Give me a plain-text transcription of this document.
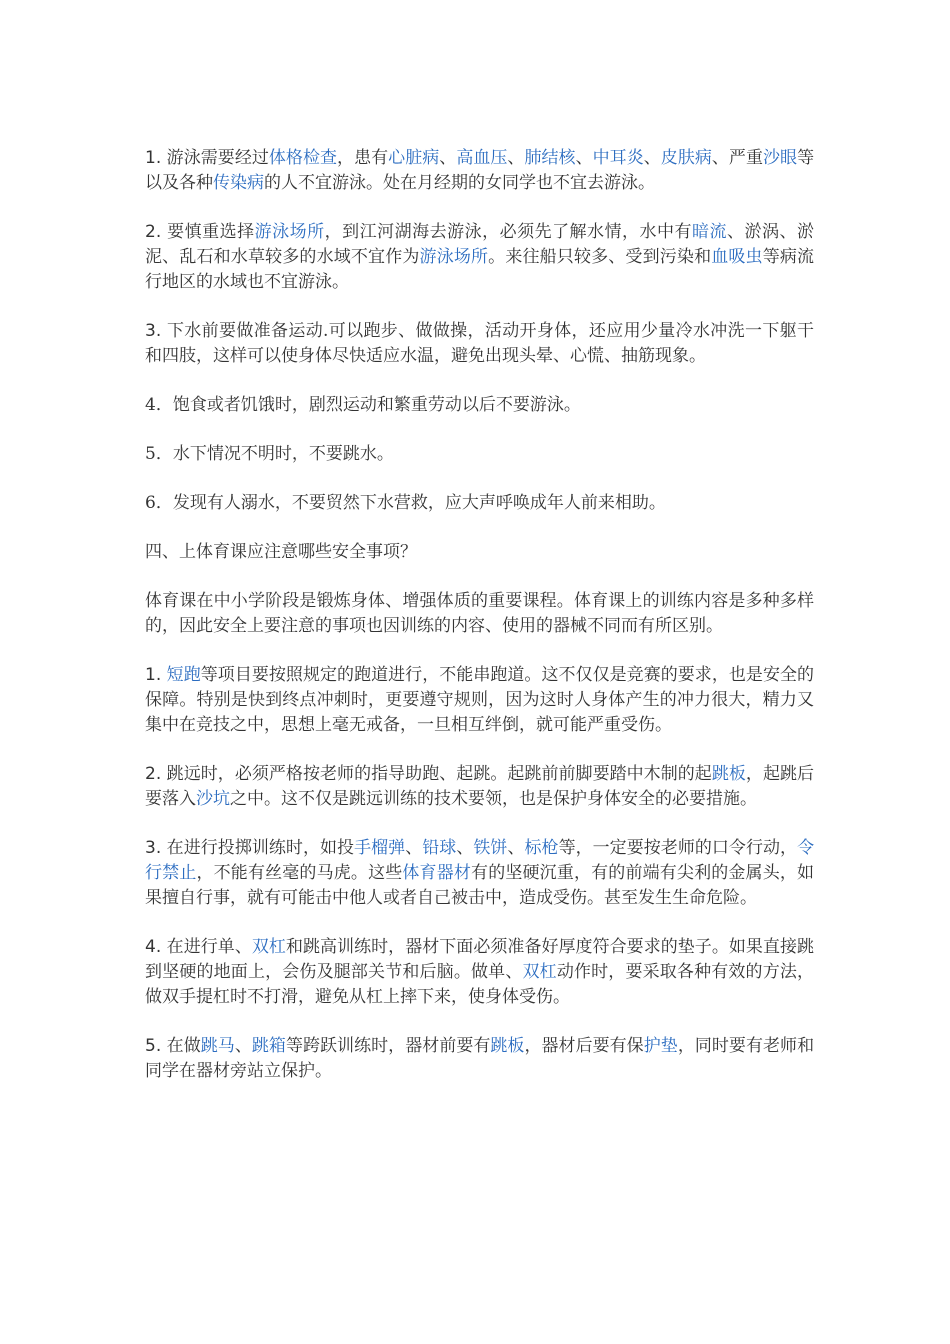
1. 游泳需要经过体格检查，患有心脏病、高血压、肺结核、中耳炎、皮肤病、严重沙眼等以及各种传染病的人不宜游泳。处在月经期的女同学也不宜去游泳。

2. 要慎重选择游泳场所，到江河湖海去游泳，必须先了解水情，水中有暗流、淤涡、淤泥、乱石和水草较多的水域不宜作为游泳场所。来往船只较多、受到污染和血吸虫等病流行地区的水域也不宜游泳。

3. 下水前要做准备运动.可以跑步、做做操，活动开身体，还应用少量冷水冲洗一下躯干和四肢，这样可以使身体尽快适应水温，避免出现头晕、心慌、抽筋现象。

4．饱食或者饥饿时，剧烈运动和繁重劳动以后不要游泳。

5．水下情况不明时，不要跳水。

6．发现有人溺水，不要贸然下水营救，应大声呼唤成年人前来相助。

四、上体育课应注意哪些安全事项？

体育课在中小学阶段是锻炼身体、增强体质的重要课程。体育课上的训练内容是多种多样的，因此安全上要注意的事项也因训练的内容、使用的器械不同而有所区别。

1. 短跑等项目要按照规定的跑道进行，不能串跑道。这不仅仅是竞赛的要求，也是安全的保障。特别是快到终点冲刺时，更要遵守规则，因为这时人身体产生的冲力很大，精力又集中在竞技之中，思想上毫无戒备，一旦相互绊倒，就可能严重受伤。

2. 跳远时，必须严格按老师的指导助跑、起跳。起跳前前脚要踏中木制的起跳板，起跳后要落入沙坑之中。这不仅是跳远训练的技术要领，也是保护身体安全的必要措施。

3. 在进行投掷训练时，如投手榴弹、铅球、铁饼、标枪等，一定要按老师的口令行动，令行禁止，不能有丝毫的马虎。这些体育器材有的坚硬沉重，有的前端有尖利的金属头，如果擅自行事，就有可能击中他人或者自己被击中，造成受伤。甚至发生生命危险。

4. 在进行单、双杠和跳高训练时，器材下面必须准备好厚度符合要求的垫子。如果直接跳到坚硬的地面上，会伤及腿部关节和后脑。做单、双杠动作时，要采取各种有效的方法，做双手提杠时不打滑，避免从杠上摔下来，使身体受伤。

5. 在做跳马、跳箱等跨跃训练时，器材前要有跳板，器材后要有保护垫，同时要有老师和同学在器材旁站立保护。
